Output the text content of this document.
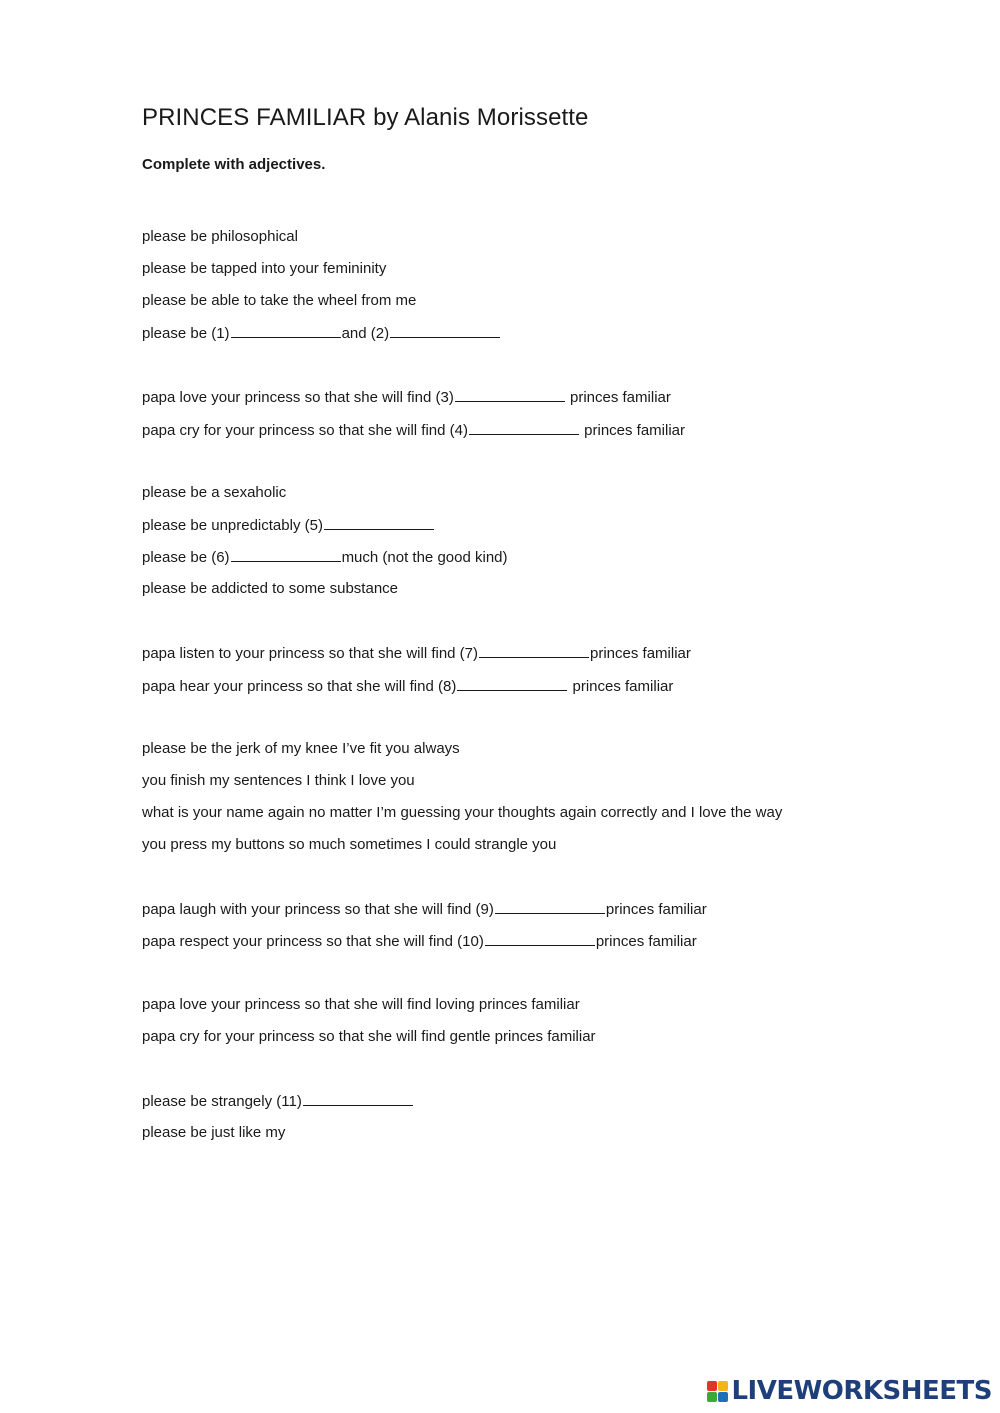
PRINCES FAMILIAR by Alanis Morissette

Complete with adjectives.

please be philosophical

please be tapped into your femininity

please be able to take the wheel from me

please be (1)	and (2)

papa love your princess so that she will find (3)	princes familiar

papa cry for your princess so that she will find (4)	princes familiar

please be a sexaholic

please be unpredictably (5)

please be (6)	much (not the good kind)

please be addicted to some substance

papa listen to your princess so that she will find (7)	princes familiar

papa hear your princess so that she will find (8)	princes familiar

please be the jerk of my knee I’ve fit you always

you finish my sentences I think I love you

what is your name again no matter I’m guessing your thoughts again correctly and I love the way

you press my buttons so much sometimes I could strangle you

papa laugh with your princess so that she will find (9)	princes familiar

papa respect your princess so that she will find (10)	princes familiar

papa love your princess so that she will find loving princes familiar

papa cry for your princess so that she will find gentle princes familiar

please be strangely (11)

please be just like my

LIVEWORKSHEETS
